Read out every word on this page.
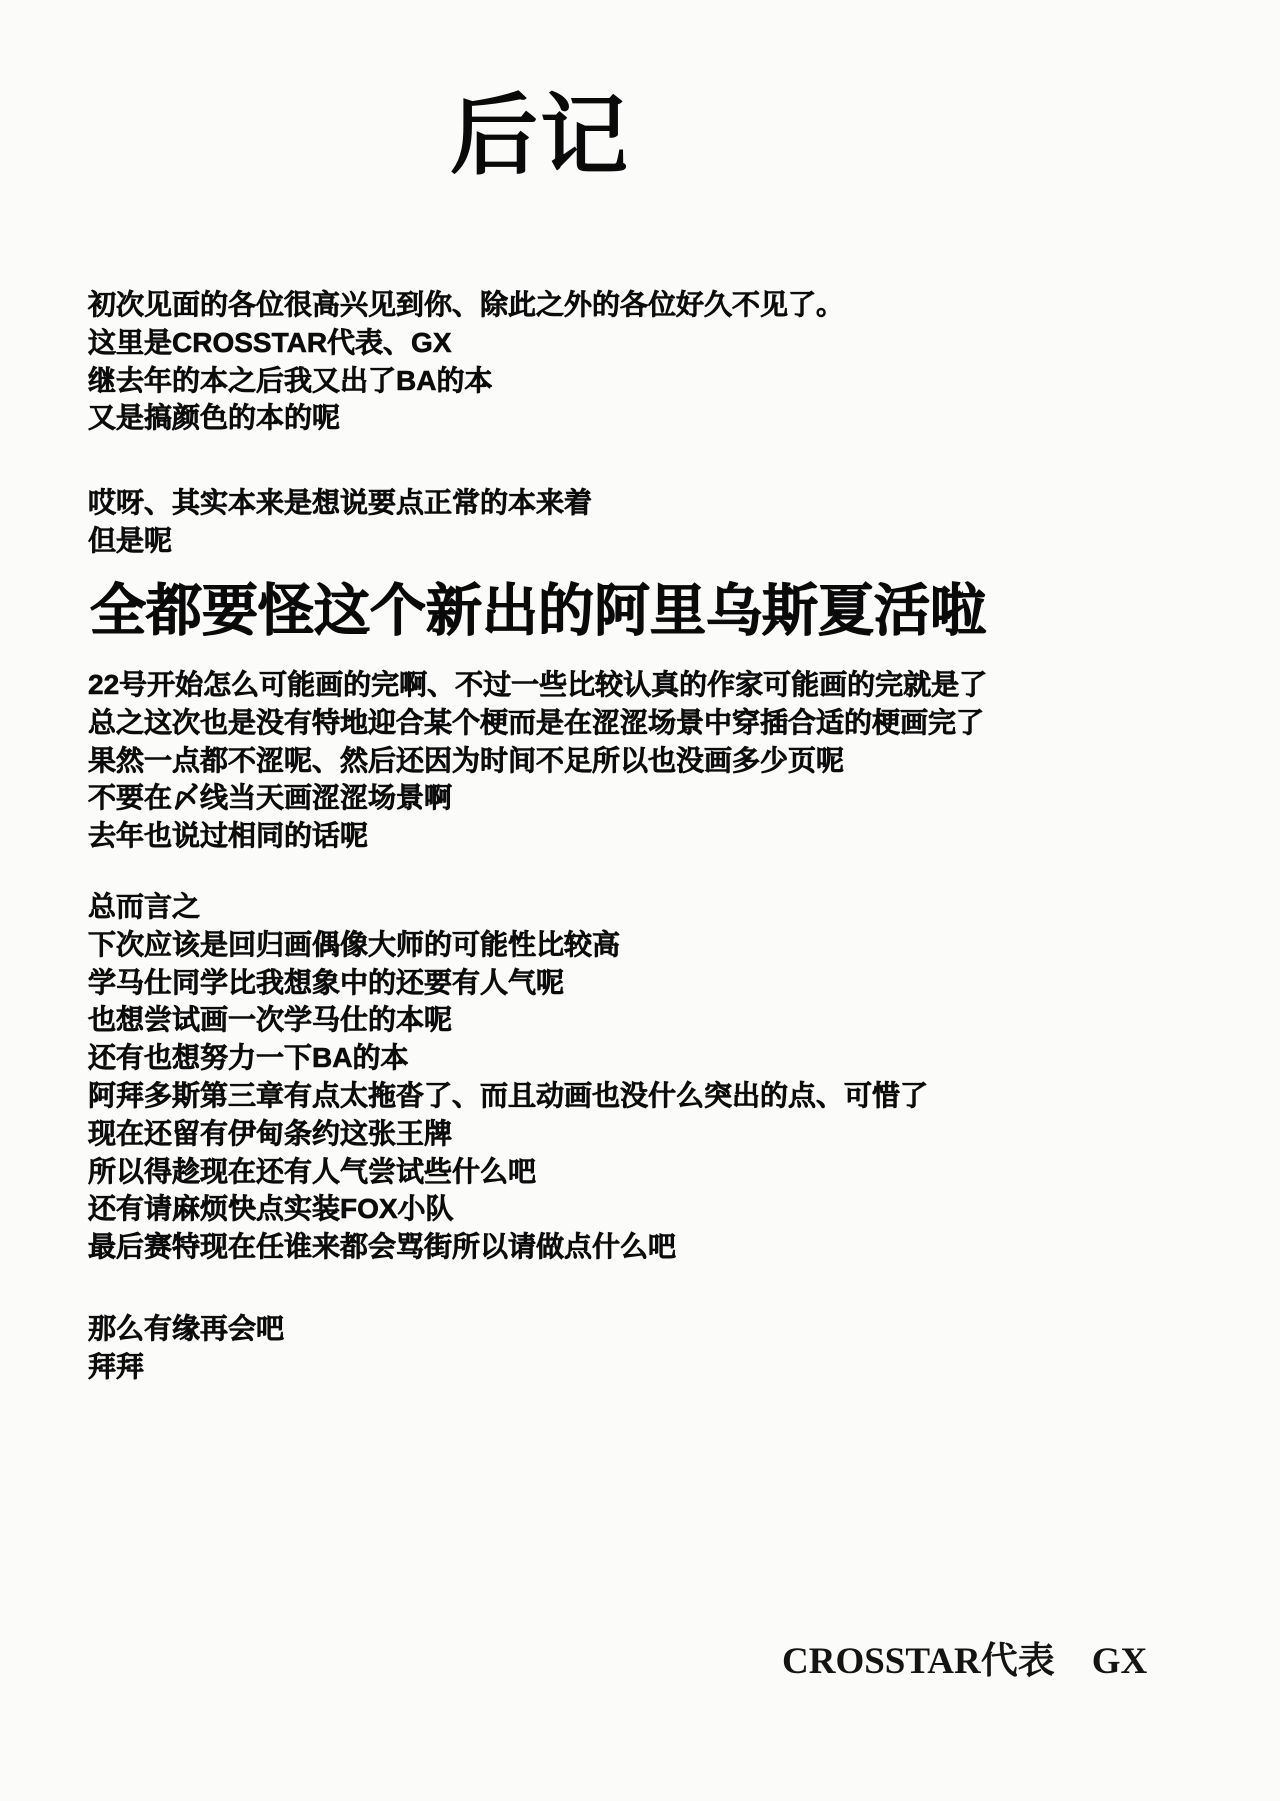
后记
初次见面的各位很高兴见到你、除此之外的各位好久不见了。
这里是CROSSTAR代表、GX
继去年的本之后我又出了BA的本
又是搞颜色的本的呢
哎呀、其实本来是想说要点正常的本来着
但是呢
全都要怪这个新出的阿里乌斯夏活啦
22号开始怎么可能画的完啊、不过一些比较认真的作家可能画的完就是了
总之这次也是没有特地迎合某个梗而是在涩涩场景中穿插合适的梗画完了
果然一点都不涩呢、然后还因为时间不足所以也没画多少页呢
不要在〆线当天画涩涩场景啊
去年也说过相同的话呢
总而言之
下次应该是回归画偶像大师的可能性比较高
学马仕同学比我想象中的还要有人气呢
也想尝试画一次学马仕的本呢
还有也想努力一下BA的本
阿拜多斯第三章有点太拖沓了、而且动画也没什么突出的点、可惜了
现在还留有伊甸条约这张王牌
所以得趁现在还有人气尝试些什么吧
还有请麻烦快点实装FOX小队
最后赛特现在任谁来都会骂街所以请做点什么吧
那么有缘再会吧
拜拜
CROSSTAR代表　GX
